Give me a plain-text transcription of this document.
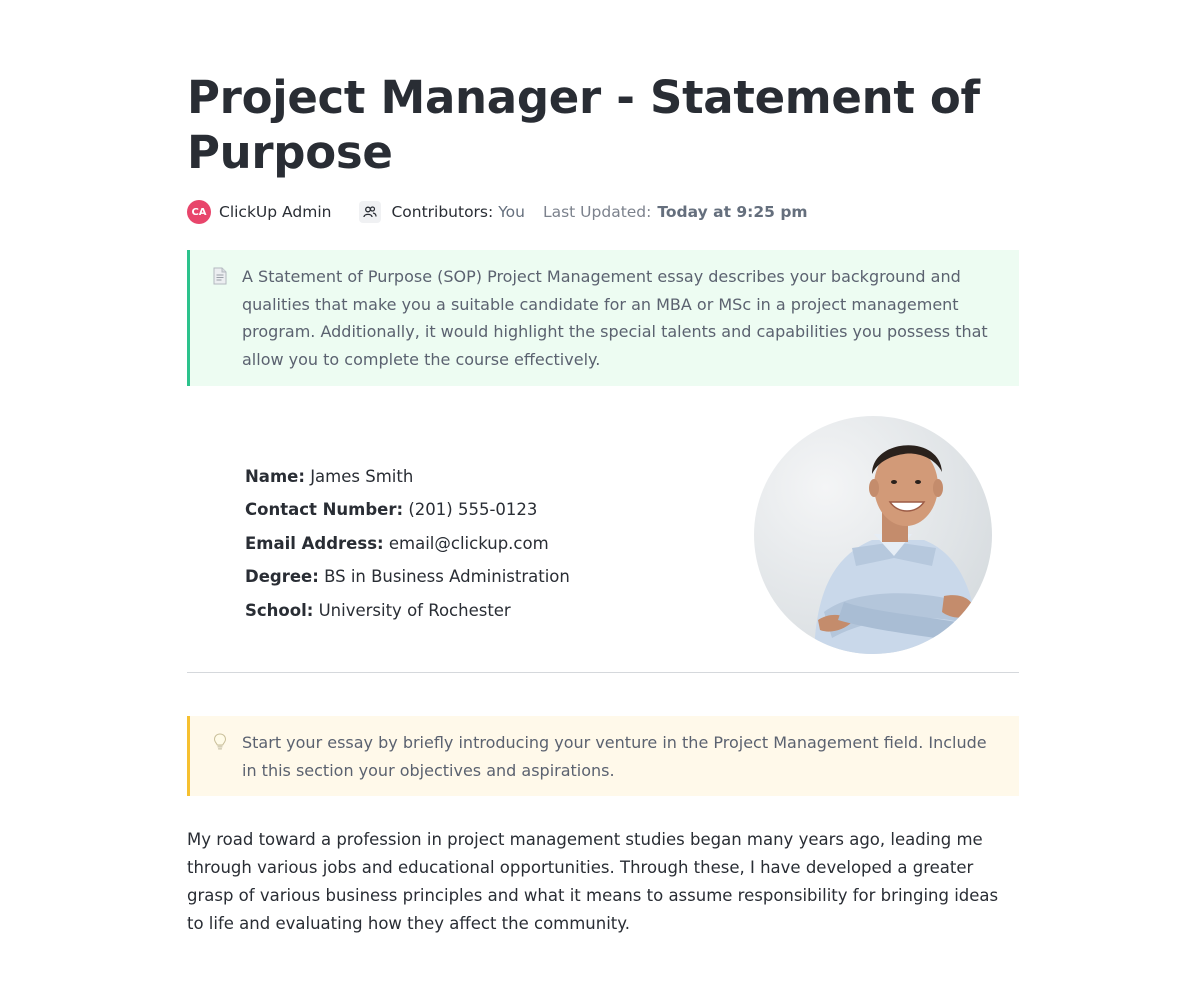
Project Manager - Statement of Purpose
CA ClickUp Admin	Contributors: You Last Updated: Today at 9:25 pm
A Statement of Purpose (SOP) Project Management essay describes your background and qualities that make you a suitable candidate for an MBA or MSc in a project management program. Additionally, it would highlight the special talents and capabilities you possess that allow you to complete the course effectively.
Name: James Smith
Contact Number: (201) 555-0123
Email Address: email@clickup.com
Degree: BS in Business Administration
School: University of Rochester
Start your essay by briefly introducing your venture in the Project Management field. Include in this section your objectives and aspirations.

My road toward a profession in project management studies began many years ago, leading me through various jobs and educational opportunities. Through these, I have developed a greater grasp of various business principles and what it means to assume responsibility for bringing ideas to life and evaluating how they affect the community.
